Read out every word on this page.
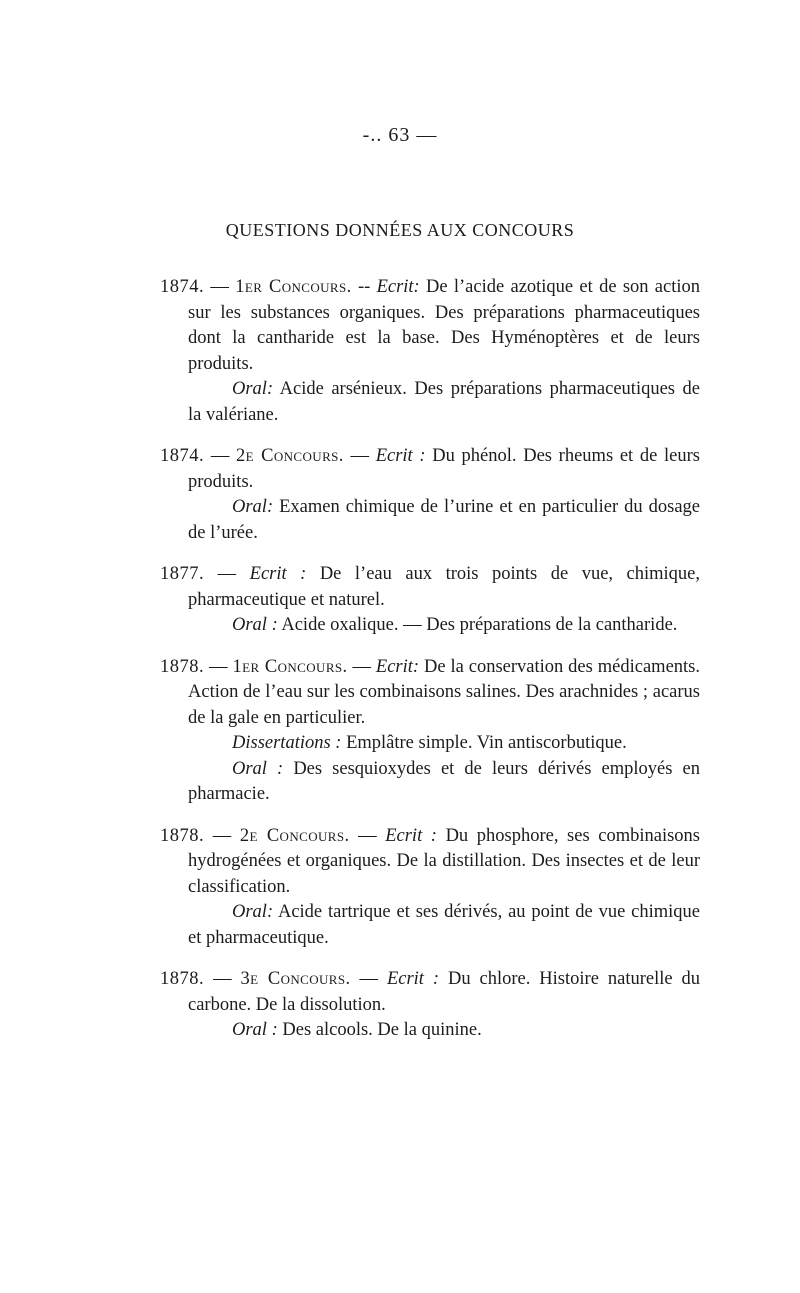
-.. 63 —
QUESTIONS DONNÉES AUX CONCOURS

1874. — 1er Concours. -- Ecrit: De l’acide azotique et de son action sur les substances organiques. Des préparations pharmaceutiques dont la cantharide est la base. Des Hyménoptères et de leurs produits.

Oral: Acide arsénieux. Des préparations pharmaceutiques de la valériane.

1874. — 2e Concours. — Ecrit : Du phénol. Des rheums et de leurs produits.

Oral: Examen chimique de l’urine et en particulier du dosage de l’urée.

1877. — Ecrit : De l’eau aux trois points de vue, chimique, pharmaceutique et naturel.

Oral : Acide oxalique. — Des préparations de la cantharide.

1878. — 1er Concours. — Ecrit: De la conservation des médicaments. Action de l’eau sur les combinaisons salines. Des arachnides ; acarus de la gale en particulier.

Dissertations : Emplâtre simple. Vin antiscorbutique.

Oral : Des sesquioxydes et de leurs dérivés employés en pharmacie.

1878. — 2e Concours. — Ecrit : Du phosphore, ses combinaisons hydrogénées et organiques. De la distillation. Des insectes et de leur classification.

Oral: Acide tartrique et ses dérivés, au point de vue chimique et pharmaceutique.

1878. — 3e Concours. — Ecrit : Du chlore. Histoire naturelle du carbone. De la dissolution.

Oral : Des alcools. De la quinine.
